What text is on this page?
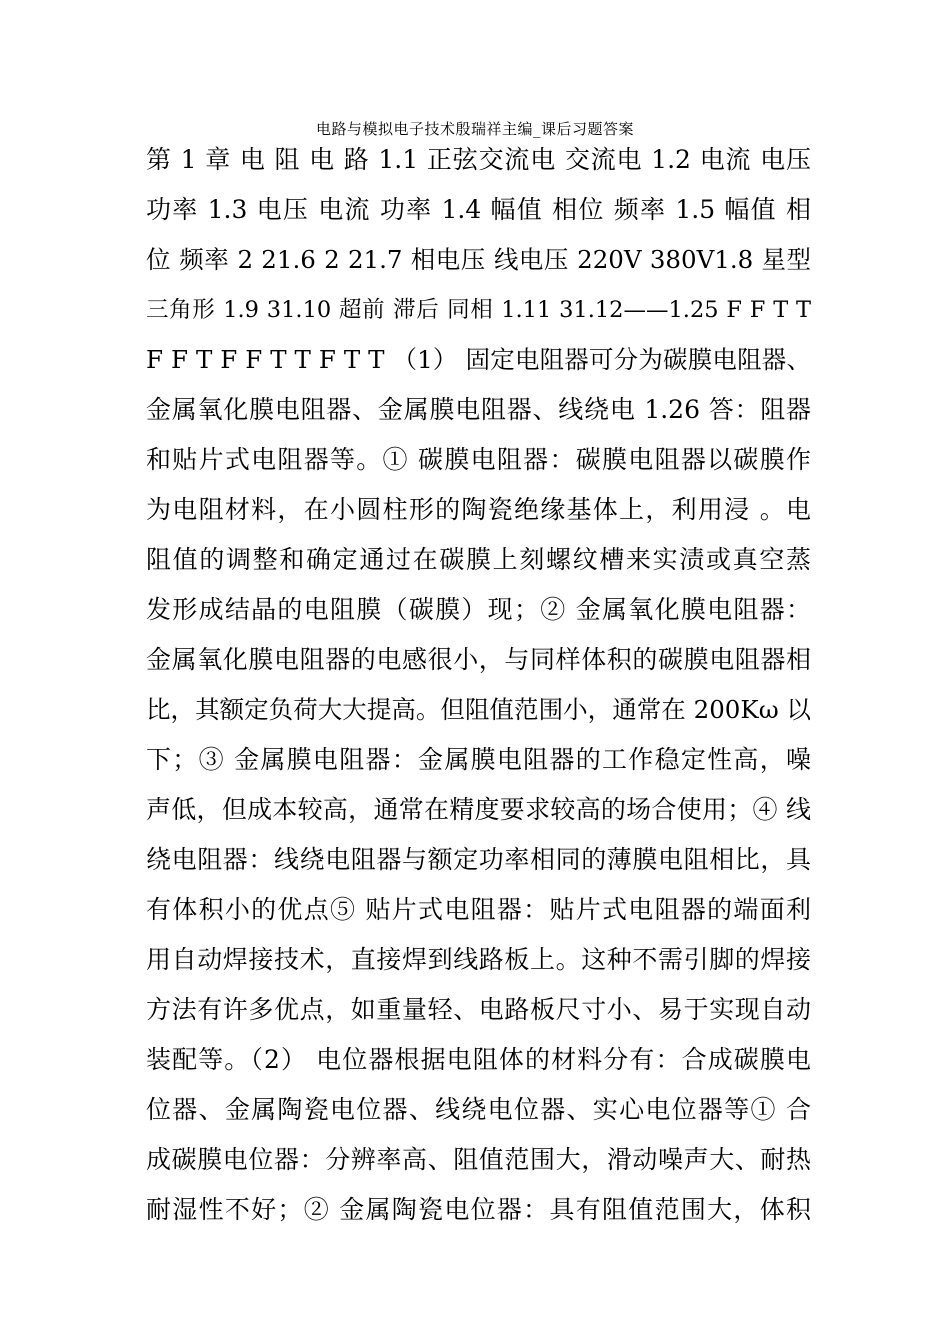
电路与模拟电子技术殷瑞祥主编_课后习题答案
第 1 章 电 阻 电 路 1.1 正弦交流电 交流电 1.2 电流 电压
功率 1.3 电压 电流 功率 1.4 幅值 相位 频率 1.5 幅值 相
位 频率 2 21.6 2 21.7 相电压 线电压 220V 380V1.8 星型
三角形 1.9 31.10 超前 滞后 同相 1.11 31.12——1.25 F F T T
F F T F F T T F T T （1） 固定电阻器可分为碳膜电阻器、
金属氧化膜电阻器、金属膜电阻器、线绕电 1.26 答：阻器
和贴片式电阻器等。① 碳膜电阻器：碳膜电阻器以碳膜作
为电阻材料，在小圆柱形的陶瓷绝缘基体上，利用浸 。电
阻值的调整和确定通过在碳膜上刻螺纹槽来实渍或真空蒸
发形成结晶的电阻膜（碳膜）现；② 金属氧化膜电阻器：
金属氧化膜电阻器的电感很小，与同样体积的碳膜电阻器相
比，其额定负荷大大提高。但阻值范围小，通常在 200Kω 以
下；③ 金属膜电阻器：金属膜电阻器的工作稳定性高，噪
声低，但成本较高，通常在精度要求较高的场合使用；④ 线
绕电阻器：线绕电阻器与额定功率相同的薄膜电阻相比，具
有体积小的优点⑤ 贴片式电阻器：贴片式电阻器的端面利
用自动焊接技术，直接焊到线路板上。这种不需引脚的焊接
方法有许多优点，如重量轻、电路板尺寸小、易于实现自动
装配等。（2） 电位器根据电阻体的材料分有：合成碳膜电
位器、金属陶瓷电位器、线绕电位器、实心电位器等① 合
成碳膜电位器：分辨率高、阻值范围大，滑动噪声大、耐热
耐湿性不好；② 金属陶瓷电位器：具有阻值范围大，体积
